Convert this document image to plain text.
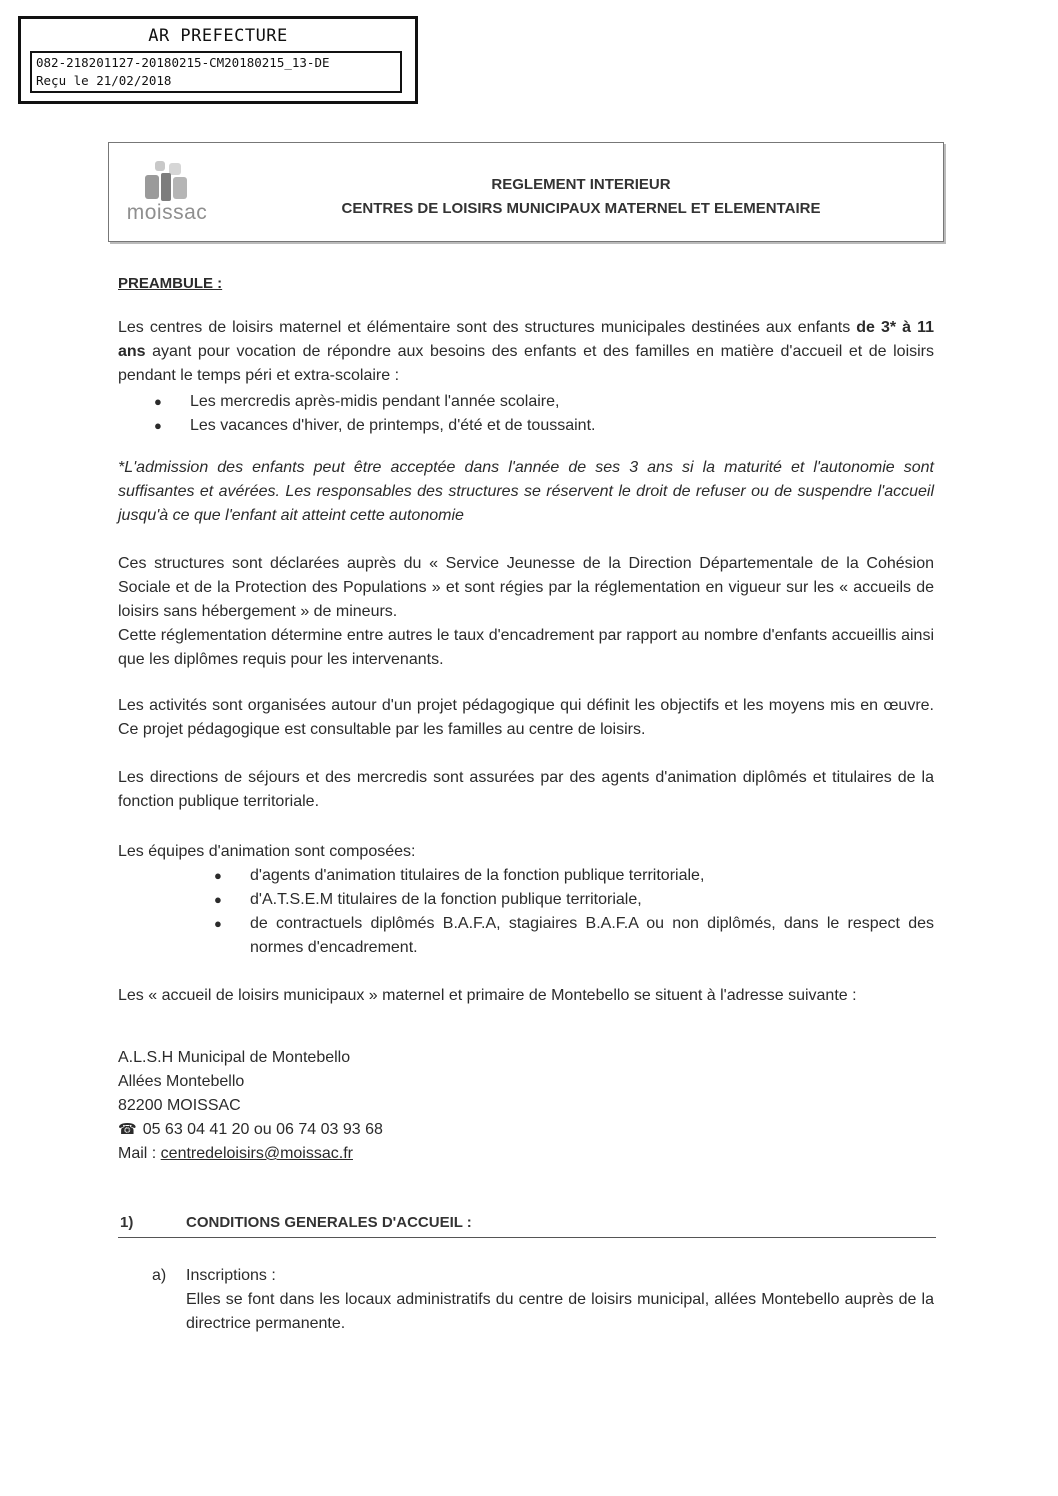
AR PREFECTURE
082-218201127-20180215-CM20180215_13-DE
Reçu le 21/02/2018
moissac
REGLEMENT INTERIEUR
CENTRES DE LOISIRS MUNICIPAUX MATERNEL ET ELEMENTAIRE
PREAMBULE :
Les centres de loisirs maternel et élémentaire sont des structures municipales destinées aux enfants de 3* à 11 ans ayant pour vocation de répondre aux besoins des enfants et des familles en matière d'accueil et de loisirs pendant le temps péri et extra-scolaire :
●	Les mercredis après-midis pendant l'année scolaire,
●	Les vacances d'hiver, de printemps, d'été et de toussaint.
*L'admission des enfants peut être acceptée dans l'année de ses 3 ans si la maturité et l'autonomie sont suffisantes et avérées. Les responsables des structures se réservent le droit de refuser ou de suspendre l'accueil jusqu'à ce que l'enfant ait atteint cette autonomie
Ces structures sont déclarées auprès du « Service Jeunesse de la Direction Départementale de la Cohésion Sociale et de la Protection des Populations » et sont régies par la réglementation en vigueur sur les « accueils de loisirs sans hébergement » de mineurs.
Cette réglementation détermine entre autres le taux d'encadrement par rapport au nombre d'enfants accueillis ainsi que les diplômes requis pour les intervenants.
Les activités sont organisées autour d'un projet pédagogique qui définit les objectifs et les moyens mis en œuvre. Ce projet pédagogique est consultable par les familles au centre de loisirs.
Les directions de séjours et des mercredis sont assurées par des agents d'animation diplômés et titulaires de la fonction publique territoriale.
Les équipes d'animation sont composées:
●	d'agents d'animation titulaires de la fonction publique territoriale,
●	d'A.T.S.E.M titulaires de la fonction publique territoriale,
●	de contractuels diplômés B.A.F.A, stagiaires B.A.F.A ou non diplômés, dans le respect des normes d'encadrement.
Les « accueil de loisirs municipaux » maternel et primaire de Montebello se situent à l'adresse suivante :
A.L.S.H Municipal de Montebello
Allées Montebello
82200 MOISSAC
☎ 05 63 04 41 20 ou 06 74 03 93 68
Mail : centredeloisirs@moissac.fr
1)	CONDITIONS GENERALES D'ACCUEIL :
a) Inscriptions :
Elles se font dans les locaux administratifs du centre de loisirs municipal, allées Montebello auprès de la directrice permanente.
